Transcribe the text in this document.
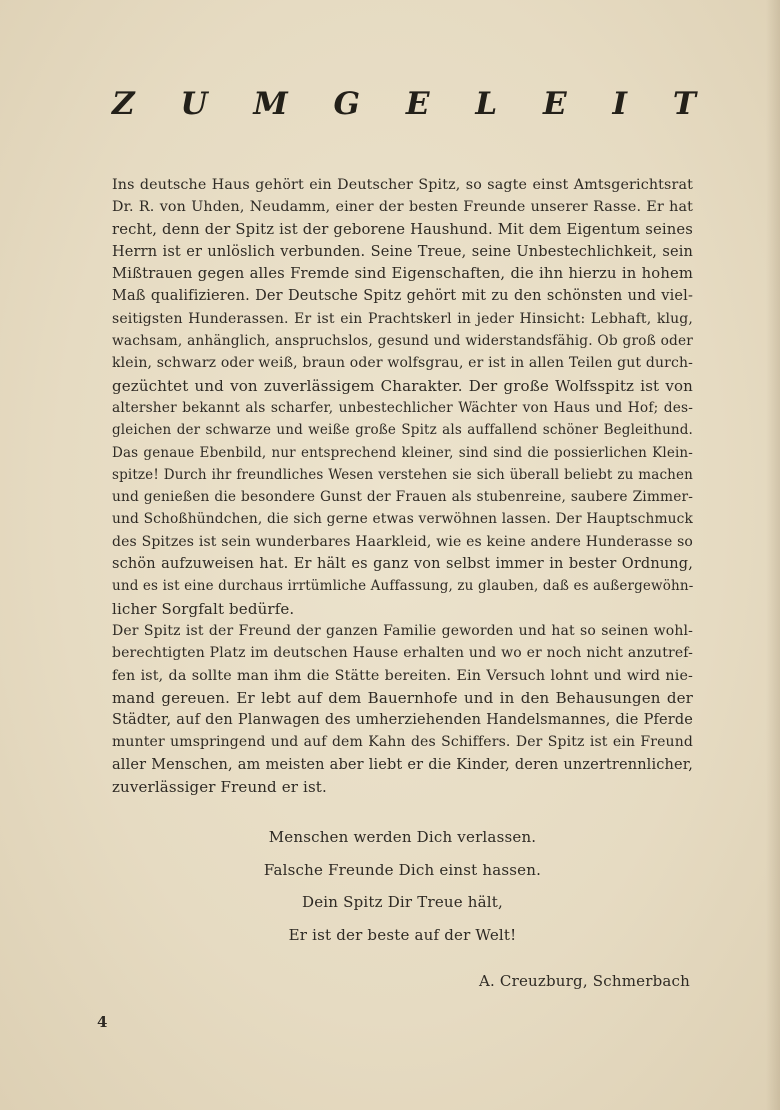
Z U M G E L E I T
Ins deutsche Haus gehört ein Deutscher Spitz, so sagte einst Amtsgerichtsrat
Dr. R. von Uhden, Neudamm, einer der besten Freunde unserer Rasse. Er hat
recht, denn der Spitz ist der geborene Haushund. Mit dem Eigentum seines
Herrn ist er unlöslich verbunden. Seine Treue, seine Unbestechlichkeit, sein
Mißtrauen gegen alles Fremde sind Eigenschaften, die ihn hierzu in hohem
Maß qualifizieren. Der Deutsche Spitz gehört mit zu den schönsten und viel-
seitigsten Hunderassen. Er ist ein Prachtskerl in jeder Hinsicht: Lebhaft, klug,
wachsam, anhänglich, anspruchslos, gesund und widerstandsfähig. Ob groß oder
klein, schwarz oder weiß, braun oder wolfsgrau, er ist in allen Teilen gut durch-
gezüchtet und von zuverlässigem Charakter. Der große Wolfsspitz ist von
altersher bekannt als scharfer, unbestechlicher Wächter von Haus und Hof; des-
gleichen der schwarze und weiße große Spitz als auffallend schöner Begleithund.
Das genaue Ebenbild, nur entsprechend kleiner, sind sind die possierlichen Klein-
spitze! Durch ihr freundliches Wesen verstehen sie sich überall beliebt zu machen
und genießen die besondere Gunst der Frauen als stubenreine, saubere Zimmer-
und Schoßhündchen, die sich gerne etwas verwöhnen lassen. Der Hauptschmuck
des Spitzes ist sein wunderbares Haarkleid, wie es keine andere Hunderasse so
schön aufzuweisen hat. Er hält es ganz von selbst immer in bester Ordnung,
und es ist eine durchaus irrtümliche Auffassung, zu glauben, daß es außergewöhn-
licher Sorgfalt bedürfe.
Der Spitz ist der Freund der ganzen Familie geworden und hat so seinen wohl-
berechtigten Platz im deutschen Hause erhalten und wo er noch nicht anzutref-
fen ist, da sollte man ihm die Stätte bereiten. Ein Versuch lohnt und wird nie-
mand gereuen. Er lebt auf dem Bauernhofe und in den Behausungen der
Städter, auf den Planwagen des umherziehenden Handelsmannes, die Pferde
munter umspringend und auf dem Kahn des Schiffers. Der Spitz ist ein Freund
aller Menschen, am meisten aber liebt er die Kinder, deren unzertrennlicher,
zuverlässiger Freund er ist.
Menschen werden Dich verlassen.
Falsche Freunde Dich einst hassen.
Dein Spitz Dir Treue hält,
Er ist der beste auf der Welt!
A. Creuzburg, Schmerbach
4
